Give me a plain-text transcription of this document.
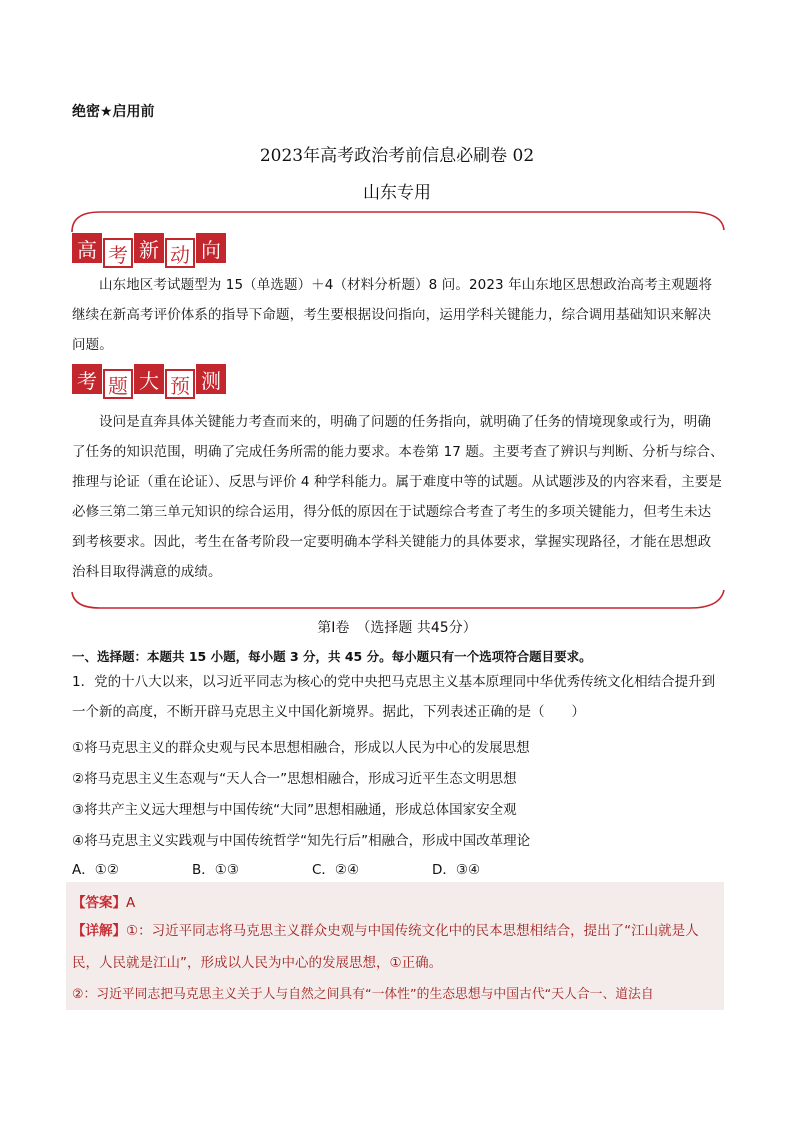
绝密★启用前
2023年高考政治考前信息必刷卷 02
山东专用
高 考 新 动 向
山东地区考试题型为 15（单选题）＋4（材料分析题）8 问。2023 年山东地区思想政治高考主观题将继续在新高考评价体系的指导下命题，考生要根据设问指向，运用学科关键能力，综合调用基础知识来解决问题。
考 题 大 预 测
设问是直奔具体关键能力考查而来的，明确了问题的任务指向，就明确了任务的情境现象或行为，明确了任务的知识范围，明确了完成任务所需的能力要求。本卷第 17 题。主要考查了辨识与判断、分析与综合、推理与论证（重在论证）、反思与评价 4 种学科能力。属于难度中等的试题。从试题涉及的内容来看，主要是必修三第二第三单元知识的综合运用，得分低的原因在于试题综合考查了考生的多项关键能力，但考生未达到考核要求。因此，考生在备考阶段一定要明确本学科关键能力的具体要求，掌握实现路径，才能在思想政治科目取得满意的成绩。
第Ⅰ卷　（选择题 共45分）
一、选择题：本题共 15 小题，每小题 3 分，共 45 分。每小题只有一个选项符合题目要求。
1．党的十八大以来，以习近平同志为核心的党中央把马克思主义基本原理同中华优秀传统文化相结合提升到一个新的高度，不断开辟马克思主义中国化新境界。据此，下列表述正确的是（　　）
①将马克思主义的群众史观与民本思想相融合，形成以人民为中心的发展思想
②将马克思主义生态观与“天人合一”思想相融合，形成习近平生态文明思想
③将共产主义远大理想与中国传统“大同”思想相融通，形成总体国家安全观
④将马克思主义实践观与中国传统哲学“知先行后”相融合，形成中国改革理论
A．①②	B．①③	C．②④	D．③④
【答案】A
【详解】①：习近平同志将马克思主义群众史观与中国传统文化中的民本思想相结合，提出了“江山就是人民，人民就是江山”，形成以人民为中心的发展思想，①正确。
②：习近平同志把马克思主义关于人与自然之间具有“一体性”的生态思想与中国古代“天人合一、道法自
